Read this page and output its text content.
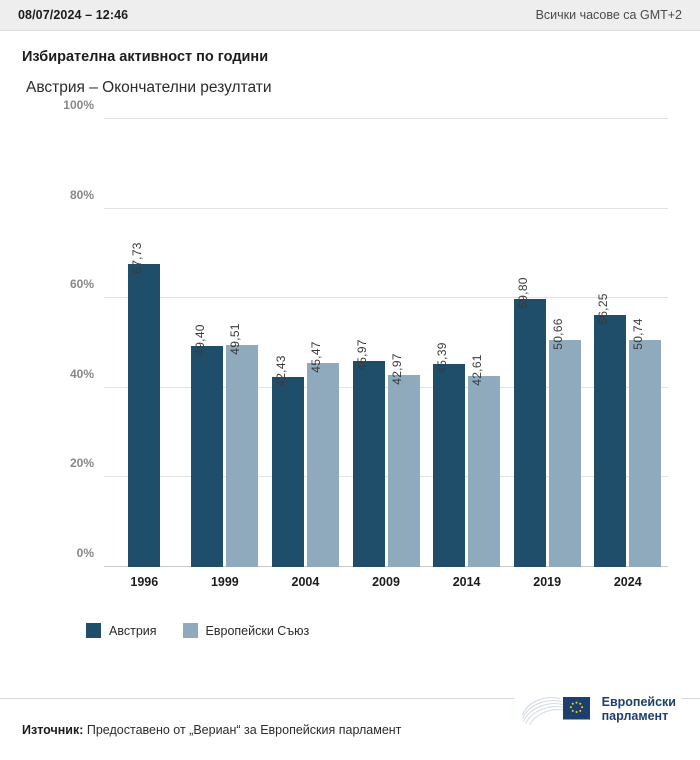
08/07/2024 – 12:46	Всички часове са GMT+2
Избирателна активност по години
Австрия – Окончателни резултати
0%
20%
40%
60%
80%
100%
67,73
49,40 49,51
42,43 45,47	45,97 42,97	45,39 42,61
59,80
50,66
56,25
50,74
1996	1999	2004	2009	2014	2019	2024
Австрия	Европейски Съюз
Източник: Предоставено от „Вериан“ за Европейския парламент
Европейски
парламент
